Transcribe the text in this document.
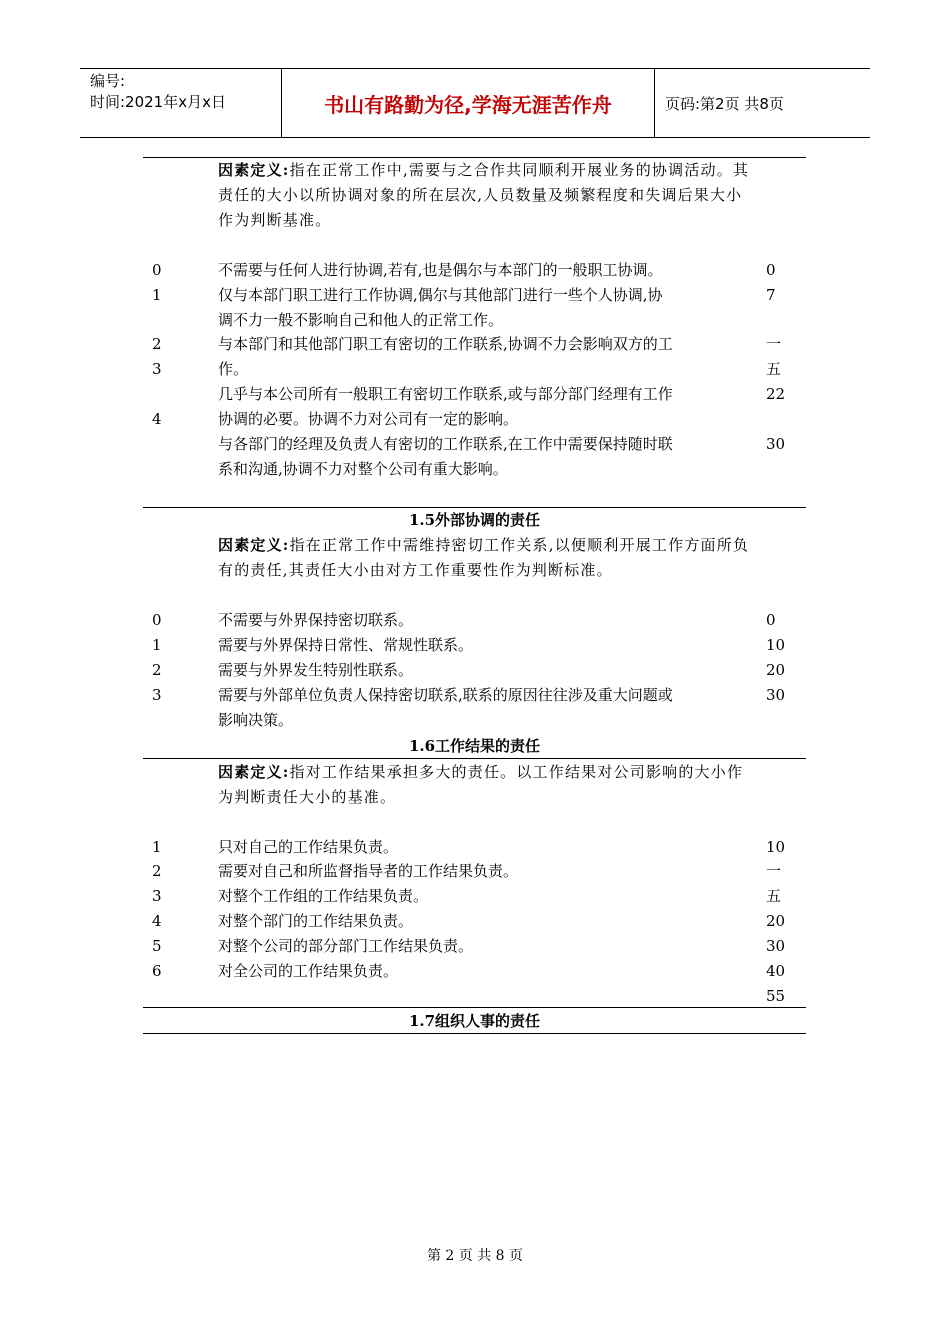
编号:
时间:2021年x月x日	书山有路勤为径,学海无涯苦作舟	页码:第2页 共8页
因素定义:指在正常工作中,需要与之合作共同顺利开展业务的协调活动。其责任的大小以所协调对象的所在层次,人员数量及频繁程度和失调后果大小作为判断基准。
0
1
2
3
4
不需要与任何人进行协调,若有,也是偶尔与本部门的一般职工协调。
仅与本部门职工进行工作协调,偶尔与其他部门进行一些个人协调,协
调不力一般不影响自己和他人的正常工作。
与本部门和其他部门职工有密切的工作联系,协调不力会影响双方的工
作。
几乎与本公司所有一般职工有密切工作联系,或与部分部门经理有工作
协调的必要。协调不力对公司有一定的影响。
与各部门的经理及负责人有密切的工作联系,在工作中需要保持随时联
系和沟通,协调不力对整个公司有重大影响。
0
7
一
五
22
30
1.5外部协调的责任
因素定义:指在正常工作中需维持密切工作关系,以便顺利开展工作方面所负有的责任,其责任大小由对方工作重要性作为判断标准。
0
1
2
3
不需要与外界保持密切联系。
需要与外界保持日常性、常规性联系。
需要与外界发生特别性联系。
需要与外部单位负责人保持密切联系,联系的原因往往涉及重大问题或
影响决策。
0
10
20
30
1.6工作结果的责任
因素定义:指对工作结果承担多大的责任。以工作结果对公司影响的大小作为判断责任大小的基准。
1
2
3
4
5
6
只对自己的工作结果负责。
需要对自己和所监督指导者的工作结果负责。
对整个工作组的工作结果负责。
对整个部门的工作结果负责。
对整个公司的部分部门工作结果负责。
对全公司的工作结果负责。
10
一
五
20
30
40
55
1.7组织人事的责任
第 2 页 共 8 页
